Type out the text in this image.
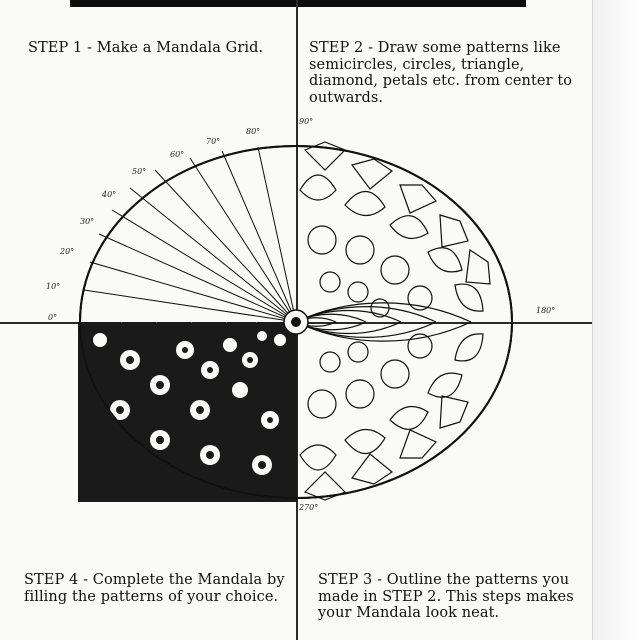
0°
10°
20°
30°
40°
50°
60°
70°
80°
90°
180°
270°
STEP 1 - Make a Mandala Grid.	STEP 2 - Draw some patterns like semicircles, circles, triangle, diamond, petals etc. from center to outwards.
STEP 3 - Outline the patterns you made in STEP 2. This steps makes your Mandala look neat.
STEP 4 - Complete the Mandala by filling the patterns of your choice.
